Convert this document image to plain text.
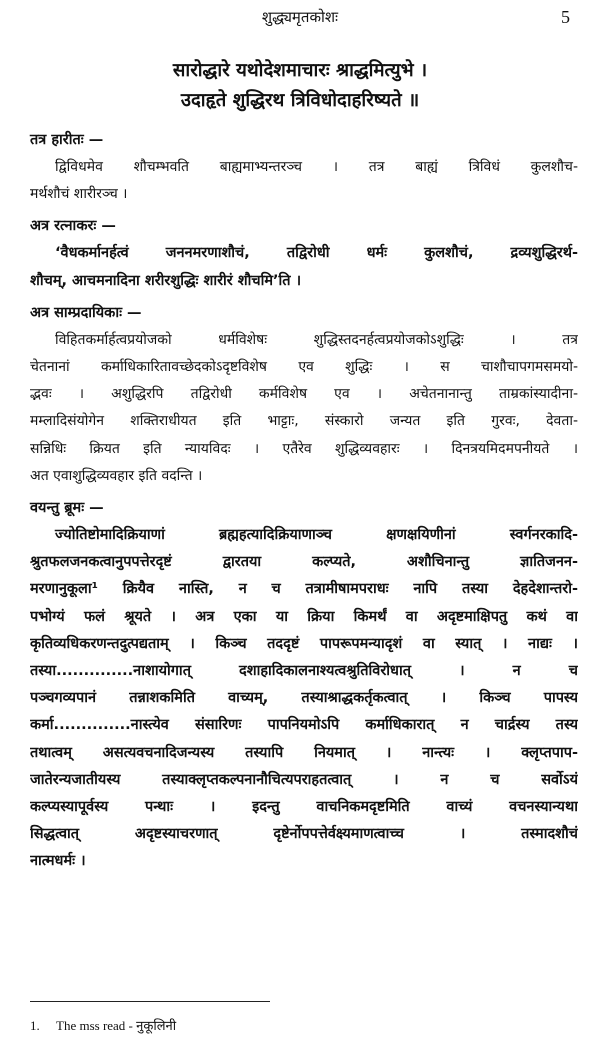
शुद्ध्यमृतकोशः	5
सारोद्धारे यथोदेशमाचारः श्राद्धमित्युभे ।
उदाहृते शुद्धिरथ त्रिविधोदाहरिष्यते ॥
तत्र हारीतः —
द्विविधमेव शौचम्भवति बाह्यमाभ्यन्तरञ्च । तत्र बाह्यं त्रिविधं कुलशौच-
मर्थशौचं शारीरञ्च ।
अत्र रत्नाकरः —
‘वैधकर्मानर्हत्वं जननमरणाशौचं, तद्विरोधी धर्मः कुलशौचं, द्रव्यशुद्धिरर्थ-
शौचम्, आचमनादिना शरीरशुद्धिः शारीरं शौचमि’ति ।
अत्र साम्प्रदायिकाः —
विहितकर्मार्हत्वप्रयोजको धर्मविशेषः शुद्धिस्तदनर्हत्वप्रयोजकोऽशुद्धिः । तत्र
चेतनानां कर्माधिकारितावच्छेदकोऽदृष्टविशेष एव शुद्धिः । स चाशौचापगमसमयो-
द्भवः । अशुद्धिरपि तद्विरोधी कर्मविशेष एव । अचेतनानान्तु ताम्रकांस्यादीना-
मम्लादिसंयोगेन शक्तिराधीयत इति भाट्टाः, संस्कारो जन्यत इति गुरवः, देवता-
सन्निधिः क्रियत इति न्यायविदः । एतैरेव शुद्धिव्यवहारः । दिनत्रयमिदमपनीयते ।
अत एवाशुद्धिव्यवहार इति वदन्ति ।
वयन्तु ब्रूमः —
ज्योतिष्टोमादिक्रियाणां ब्रह्महत्यादिक्रियाणाञ्च क्षणक्षयिणीनां स्वर्गनरकादि-
श्रुतफलजनकत्वानुपपत्तेरदृष्टं द्वारतया कल्प्यते, अशौचिनान्तु ज्ञातिजनन-
मरणानुकूला¹ क्रियैव नास्ति, न च तत्रामीषामपराधः नापि तस्या देहदेशान्तरो-
पभोग्यं फलं श्रूयते । अत्र एका या क्रिया किमर्थं वा अदृष्टमाक्षिपतु कथं वा
कृतिव्यधिकरणन्तदुत्पद्यताम् । किञ्च तददृष्टं पापरूपमन्यादृशं वा स्यात् । नाद्यः ।
तस्या..............नाशायोगात् दशाहादिकालनाश्यत्वश्रुतिविरोधात् । न च
पञ्चगव्यपानं तन्नाशकमिति वाच्यम्, तस्याश्राद्धकर्तृकत्वात् । किञ्च पापस्य
कर्मा..............नास्त्येव संसारिणः पापनियमोऽपि कर्माधिकारात् न चार्द्रस्य तस्य
तथात्वम् असत्यवचनादिजन्यस्य तस्यापि नियमात् । नान्त्यः । क्लृप्तपाप-
जातेरन्यजातीयस्य तस्याक्लृप्तकल्पनानौचित्यपराहतत्वात् । न च सर्वोऽयं
कल्प्यस्यापूर्वस्य पन्थाः । इदन्तु वाचनिकमदृष्टमिति वाच्यं वचनस्यान्यथा
सिद्धत्वात् अदृष्टस्याचरणात् दृष्टेर्नोपपत्तेर्वक्ष्यमाणत्वाच्च । तस्मादशौचं
नात्मधर्मः ।
1. The mss read - नुकूलिनी
